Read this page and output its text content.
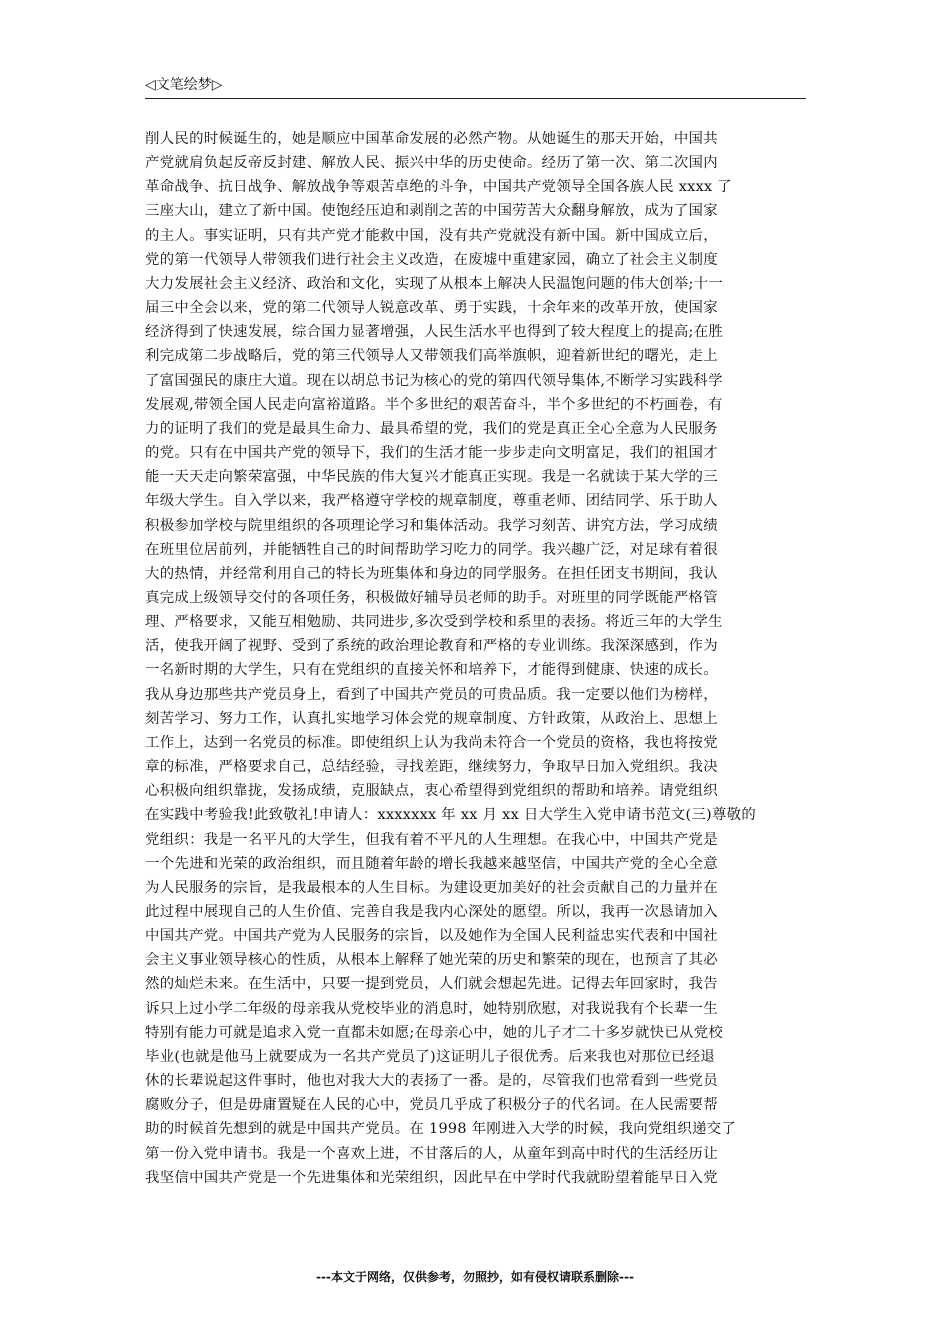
◁文笔绘梦▷

削人民的时候诞生的，她是顺应中国革命发展的必然产物。从她诞生的那天开始，中国共
产党就肩负起反帝反封建、解放人民、振兴中华的历史使命。经历了第一次、第二次国内
革命战争、抗日战争、解放战争等艰苦卓绝的斗争，中国共产党领导全国各族人民 xxxx 了
三座大山，建立了新中国。使饱经压迫和剥削之苦的中国劳苦大众翻身解放，成为了国家
的主人。事实证明，只有共产党才能救中国，没有共产党就没有新中国。新中国成立后，
党的第一代领导人带领我们进行社会主义改造，在废墟中重建家园，确立了社会主义制度
大力发展社会主义经济、政治和文化，实现了从根本上解决人民温饱问题的伟大创举;十一
届三中全会以来，党的第二代领导人锐意改革、勇于实践，十余年来的改革开放，使国家
经济得到了快速发展，综合国力显著增强，人民生活水平也得到了较大程度上的提高;在胜
利完成第二步战略后，党的第三代领导人又带领我们高举旗帜，迎着新世纪的曙光，走上
了富国强民的康庄大道。现在以胡总书记为核心的党的第四代领导集体,不断学习实践科学
发展观,带领全国人民走向富裕道路。半个多世纪的艰苦奋斗，半个多世纪的不朽画卷，有
力的证明了我们的党是最具生命力、最具希望的党，我们的党是真正全心全意为人民服务
的党。只有在中国共产党的领导下，我们的生活才能一步步走向文明富足，我们的祖国才
能一天天走向繁荣富强，中华民族的伟大复兴才能真正实现。我是一名就读于某大学的三
年级大学生。自入学以来，我严格遵守学校的规章制度，尊重老师、团结同学、乐于助人
积极参加学校与院里组织的各项理论学习和集体活动。我学习刻苦、讲究方法，学习成绩
在班里位居前列，并能牺牲自己的时间帮助学习吃力的同学。我兴趣广泛，对足球有着很
大的热情，并经常利用自己的特长为班集体和身边的同学服务。在担任团支书期间，我认
真完成上级领导交付的各项任务，积极做好辅导员老师的助手。对班里的同学既能严格管
理、严格要求，又能互相勉励、共同进步,多次受到学校和系里的表扬。将近三年的大学生
活，使我开阔了视野、受到了系统的政治理论教育和严格的专业训练。我深深感到，作为
一名新时期的大学生，只有在党组织的直接关怀和培养下，才能得到健康、快速的成长。
我从身边那些共产党员身上，看到了中国共产党员的可贵品质。我一定要以他们为榜样，
刻苦学习、努力工作，认真扎实地学习体会党的规章制度、方针政策，从政治上、思想上
工作上，达到一名党员的标准。即使组织上认为我尚未符合一个党员的资格，我也将按党
章的标准，严格要求自己，总结经验，寻找差距，继续努力，争取早日加入党组织。我决
心积极向组织靠拢，发扬成绩，克服缺点，衷心希望得到党组织的帮助和培养。请党组织
在实践中考验我!此致敬礼!申请人：xxxxxxx 年 xx 月 xx 日大学生入党申请书范文(三)尊敬的
党组织：我是一名平凡的大学生，但我有着不平凡的人生理想。在我心中，中国共产党是
一个先进和光荣的政治组织，而且随着年龄的增长我越来越坚信，中国共产党的全心全意
为人民服务的宗旨，是我最根本的人生目标。为建设更加美好的社会贡献自己的力量并在
此过程中展现自己的人生价值、完善自我是我内心深处的愿望。所以，我再一次恳请加入
中国共产党。中国共产党为人民服务的宗旨，以及她作为全国人民利益忠实代表和中国社
会主义事业领导核心的性质，从根本上解释了她光荣的历史和繁荣的现在，也预言了其必
然的灿烂未来。在生活中，只要一提到党员，人们就会想起先进。记得去年回家时，我告
诉只上过小学二年级的母亲我从党校毕业的消息时，她特别欣慰，对我说我有个长辈一生
特别有能力可就是追求入党一直都未如愿;在母亲心中，她的儿子才二十多岁就快已从党校
毕业(也就是他马上就要成为一名共产党员了)这证明儿子很优秀。后来我也对那位已经退
休的长辈说起这件事时，他也对我大大的表扬了一番。是的，尽管我们也常看到一些党员
腐败分子，但是毋庸置疑在人民的心中，党员几乎成了积极分子的代名词。在人民需要帮
助的时候首先想到的就是中国共产党员。在 1998 年刚进入大学的时候，我向党组织递交了
第一份入党申请书。我是一个喜欢上进，不甘落后的人，从童年到高中时代的生活经历让
我坚信中国共产党是一个先进集体和光荣组织，因此早在中学时代我就盼望着能早日入党

---本文于网络，仅供参考，勿照抄，如有侵权请联系删除---
